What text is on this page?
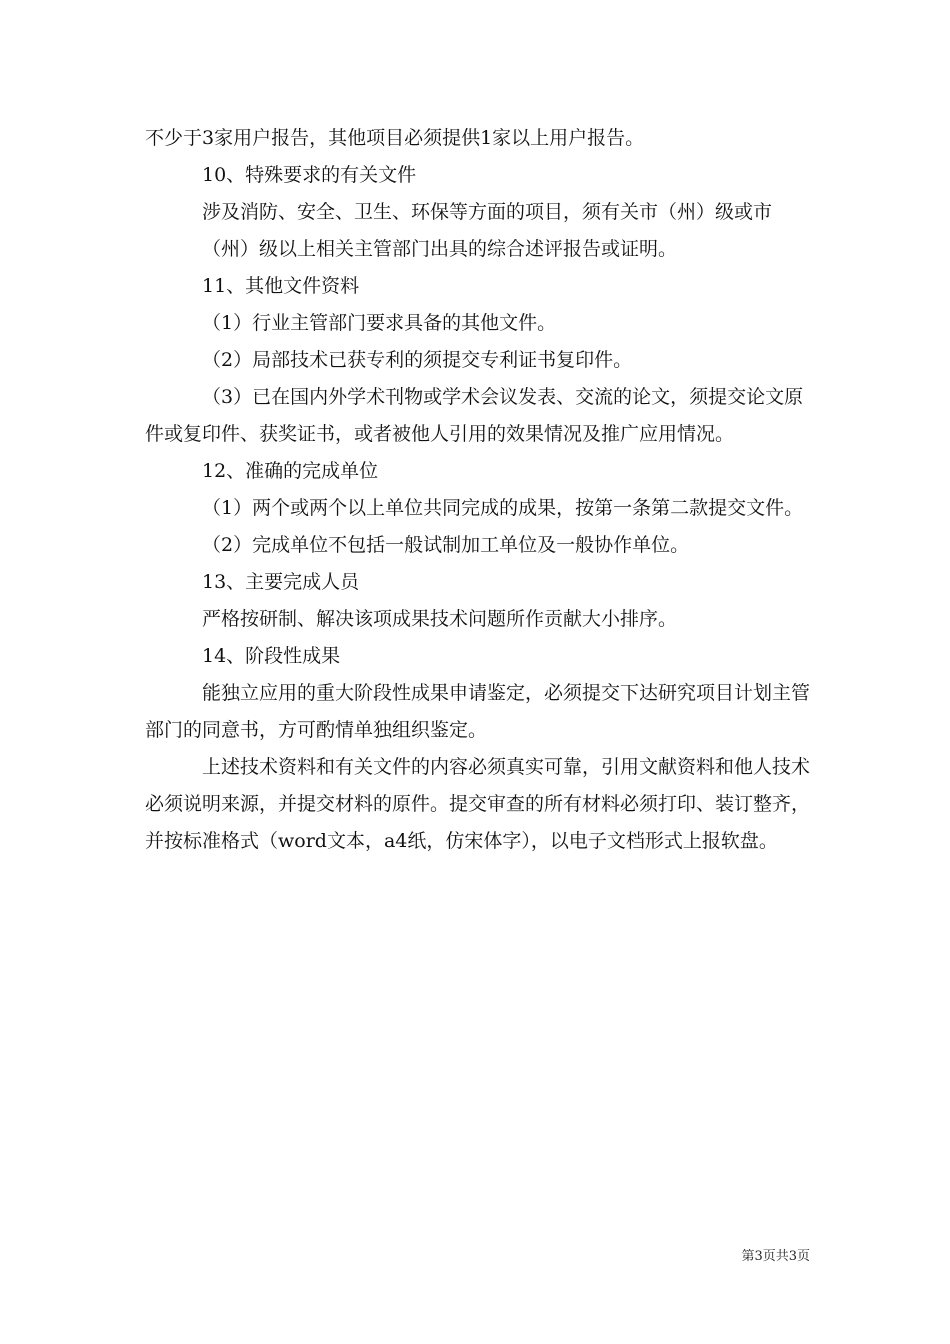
不少于3家用户报告，其他项目必须提供1家以上用户报告。

10、特殊要求的有关文件

涉及消防、安全、卫生、环保等方面的项目，须有关市（州）级或市

（州）级以上相关主管部门出具的综合述评报告或证明。

11、其他文件资料

（1）行业主管部门要求具备的其他文件。

（2）局部技术已获专利的须提交专利证书复印件。

（3）已在国内外学术刊物或学术会议发表、交流的论文，须提交论文原件或复印件、获奖证书，或者被他人引用的效果情况及推广应用情况。

12、准确的完成单位

（1）两个或两个以上单位共同完成的成果，按第一条第二款提交文件。

（2）完成单位不包括一般试制加工单位及一般协作单位。

13、主要完成人员

严格按研制、解决该项成果技术问题所作贡献大小排序。

14、阶段性成果

能独立应用的重大阶段性成果申请鉴定，必须提交下达研究项目计划主管部门的同意书，方可酌情单独组织鉴定。

上述技术资料和有关文件的内容必须真实可靠，引用文献资料和他人技术必须说明来源，并提交材料的原件。提交审查的所有材料必须打印、装订整齐，并按标准格式（word文本，a4纸，仿宋体字），以电子文档形式上报软盘。

第3页共3页
